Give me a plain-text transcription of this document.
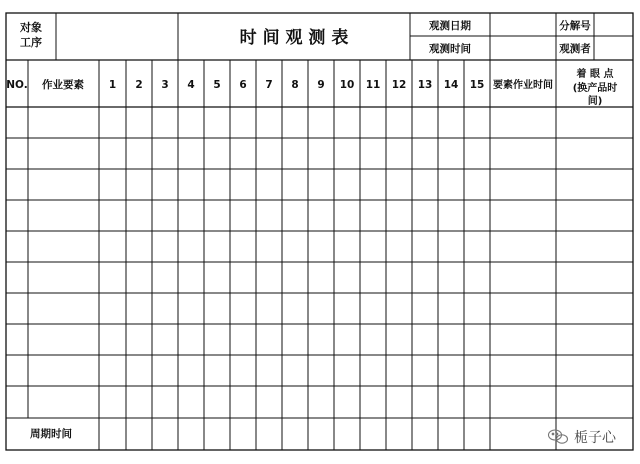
对象
工序	时 间 观 测 表
观测日期
观测时间
分解号
观测者
NO. 作业要素 1 2 3 4 5 6 7 8 9 10 11 12 13 14 15 要素作业时间
着 眼 点
(换产品时
间)
周期时间	栀子心
